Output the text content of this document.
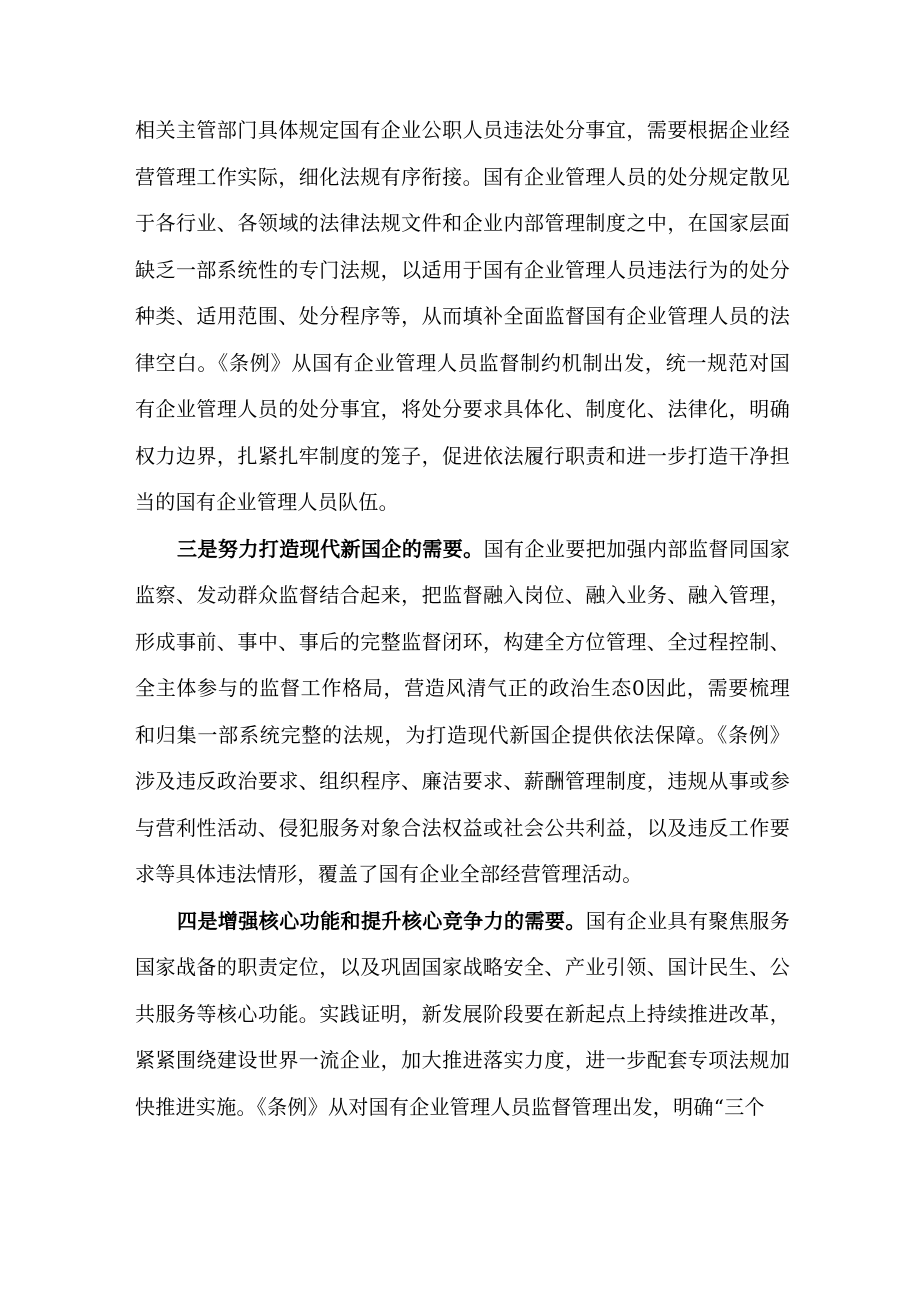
相关主管部门具体规定国有企业公职人员违法处分事宜，需要根据企业经营管理工作实际，细化法规有序衔接。国有企业管理人员的处分规定散见于各行业、各领域的法律法规文件和企业内部管理制度之中，在国家层面缺乏一部系统性的专门法规，以适用于国有企业管理人员违法行为的处分种类、适用范围、处分程序等，从而填补全面监督国有企业管理人员的法律空白。《条例》从国有企业管理人员监督制约机制出发，统一规范对国有企业管理人员的处分事宜，将处分要求具体化、制度化、法律化，明确权力边界，扎紧扎牢制度的笼子，促进依法履行职责和进一步打造干净担当的国有企业管理人员队伍。

三是努力打造现代新国企的需要。国有企业要把加强内部监督同国家监察、发动群众监督结合起来，把监督融入岗位、融入业务、融入管理，形成事前、事中、事后的完整监督闭环，构建全方位管理、全过程控制、全主体参与的监督工作格局，营造风清气正的政治生态0因此，需要梳理和归集一部系统完整的法规，为打造现代新国企提供依法保障。《条例》涉及违反政治要求、组织程序、廉洁要求、薪酬管理制度，违规从事或参与营利性活动、侵犯服务对象合法权益或社会公共利益，以及违反工作要求等具体违法情形，覆盖了国有企业全部经营管理活动。

四是增强核心功能和提升核心竞争力的需要。国有企业具有聚焦服务国家战备的职责定位，以及巩固国家战略安全、产业引领、国计民生、公共服务等核心功能。实践证明，新发展阶段要在新起点上持续推进改革，紧紧围绕建设世界一流企业，加大推进落实力度，进一步配套专项法规加快推进实施。《条例》从对国有企业管理人员监督管理出发，明确“三个
